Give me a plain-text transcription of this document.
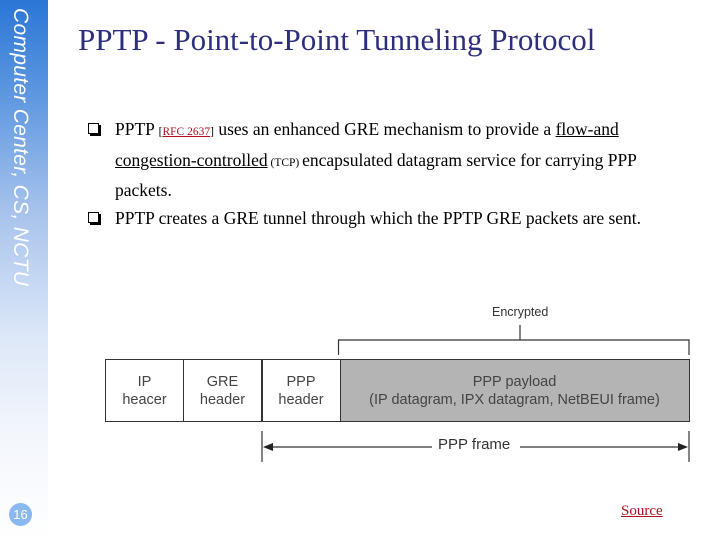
Computer Center, CS, NCTU
16
PPTP - Point-to-Point Tunneling Protocol
PPTP [RFC 2637] uses an enhanced GRE mechanism to provide a flow-and congestion-controlled (TCP) encapsulated datagram service for carrying PPP packets.
PPTP creates a GRE tunnel through which the PPTP GRE packets are sent.
Encrypted
IP
heacer
GRE
header
PPP
header
PPP payload
(IP datagram, IPX datagram, NetBEUI frame)
PPP frame
Source
